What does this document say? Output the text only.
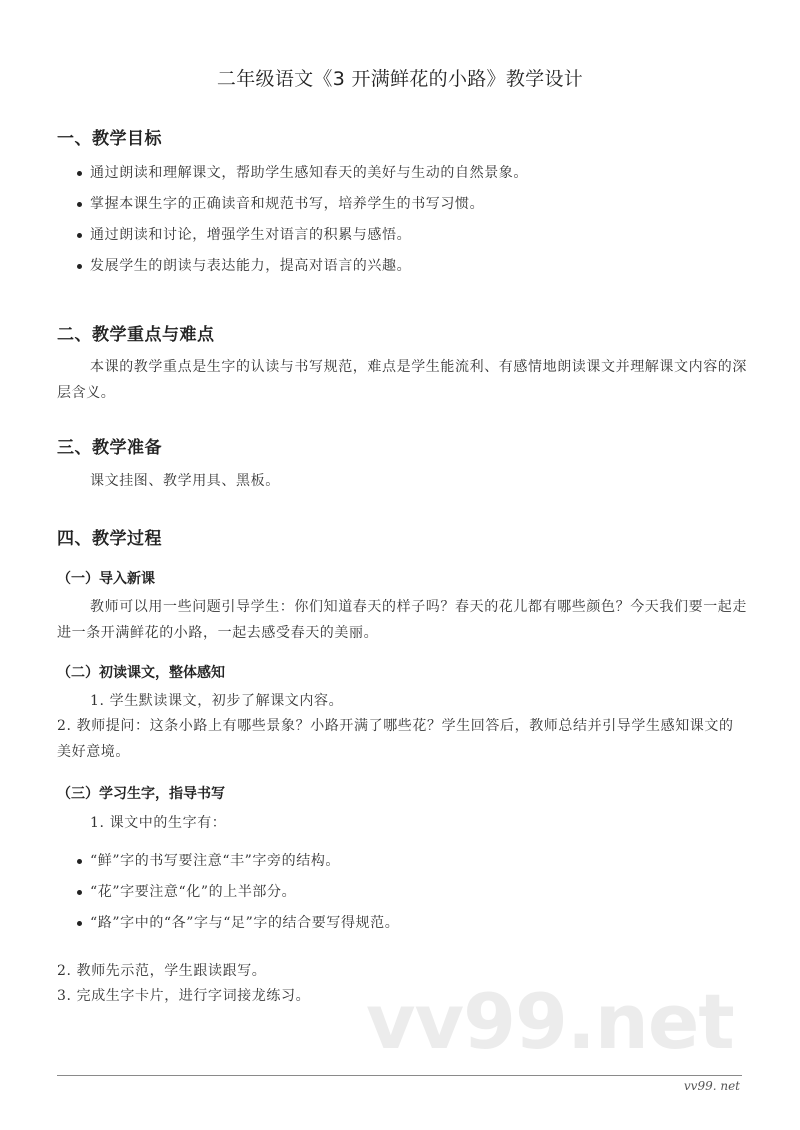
二年级语文《3 开满鲜花的小路》教学设计
一、教学目标
通过朗读和理解课文，帮助学生感知春天的美好与生动的自然景象。
掌握本课生字的正确读音和规范书写，培养学生的书写习惯。
通过朗读和讨论，增强学生对语言的积累与感悟。
发展学生的朗读与表达能力，提高对语言的兴趣。
二、教学重点与难点
本课的教学重点是生字的认读与书写规范，难点是学生能流利、有感情地朗读课文并理解课文内容的深层含义。
三、教学准备
课文挂图、教学用具、黑板。
四、教学过程
（一）导入新课
教师可以用一些问题引导学生：你们知道春天的样子吗？春天的花儿都有哪些颜色？今天我们要一起走进一条开满鲜花的小路，一起去感受春天的美丽。
（二）初读课文，整体感知
1. 学生默读课文，初步了解课文内容。
2. 教师提问：这条小路上有哪些景象？小路开满了哪些花？学生回答后，教师总结并引导学生感知课文的美好意境。
（三）学习生字，指导书写
1. 课文中的生字有：
“鲜”字的书写要注意“丰”字旁的结构。
“花”字要注意“化”的上半部分。
“路”字中的“各”字与“足”字的结合要写得规范。
2. 教师先示范，学生跟读跟写。
3. 完成生字卡片，进行字词接龙练习。 vv99.net
vv99. net
